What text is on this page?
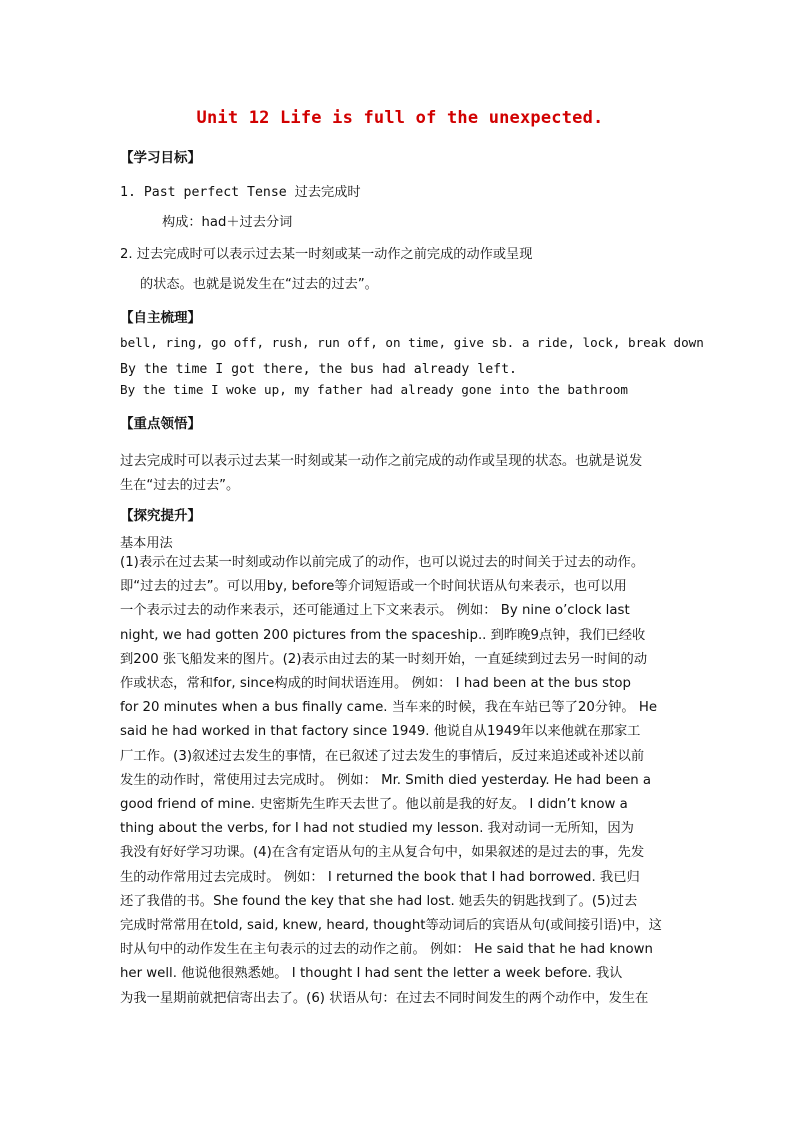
Unit 12 Life is full of the unexpected.
【学习目标】
1. Past perfect Tense 过去完成时
构成：had＋过去分词
2. 过去完成时可以表示过去某一时刻或某一动作之前完成的动作或呈现
的状态。也就是说发生在“过去的过去”。
【自主梳理】
bell, ring, go off, rush, run off, on time, give sb. a ride, lock, break down
By the time I got there, the bus had already left.
By the time I woke up, my father had already gone into the bathroom
【重点领悟】
过去完成时可以表示过去某一时刻或某一动作之前完成的动作或呈现的状态。也就是说发
生在“过去的过去”。
【探究提升】
基本用法
(1)表示在过去某一时刻或动作以前完成了的动作，也可以说过去的时间关于过去的动作。
即“过去的过去”。可以用by, before等介词短语或一个时间状语从句来表示，也可以用
一个表示过去的动作来表示，还可能通过上下文来表示。 例如： By nine o’clock last
night, we had gotten 200 pictures from the spaceship.. 到昨晚9点钟，我们已经收
到200 张飞船发来的图片。(2)表示由过去的某一时刻开始，一直延续到过去另一时间的动
作或状态，常和for, since构成的时间状语连用。 例如： I had been at the bus stop
for 20 minutes when a bus finally came. 当车来的时候，我在车站已等了20分钟。 He
said he had worked in that factory since 1949. 他说自从1949年以来他就在那家工
厂工作。(3)叙述过去发生的事情，在已叙述了过去发生的事情后，反过来追述或补述以前
发生的动作时，常使用过去完成时。 例如： Mr. Smith died yesterday. He had been a
good friend of mine. 史密斯先生昨天去世了。他以前是我的好友。 I didn’t know a
thing about the verbs, for I had not studied my lesson. 我对动词一无所知，因为
我没有好好学习功课。(4)在含有定语从句的主从复合句中，如果叙述的是过去的事，先发
生的动作常用过去完成时。 例如： I returned the book that I had borrowed. 我已归
还了我借的书。She found the key that she had lost. 她丢失的钥匙找到了。(5)过去
完成时常常用在told, said, knew, heard, thought等动词后的宾语从句(或间接引语)中，这
时从句中的动作发生在主句表示的过去的动作之前。 例如： He said that he had known
her well. 他说他很熟悉她。 I thought I had sent the letter a week before. 我认
为我一星期前就把信寄出去了。(6) 状语从句：在过去不同时间发生的两个动作中，发生在
